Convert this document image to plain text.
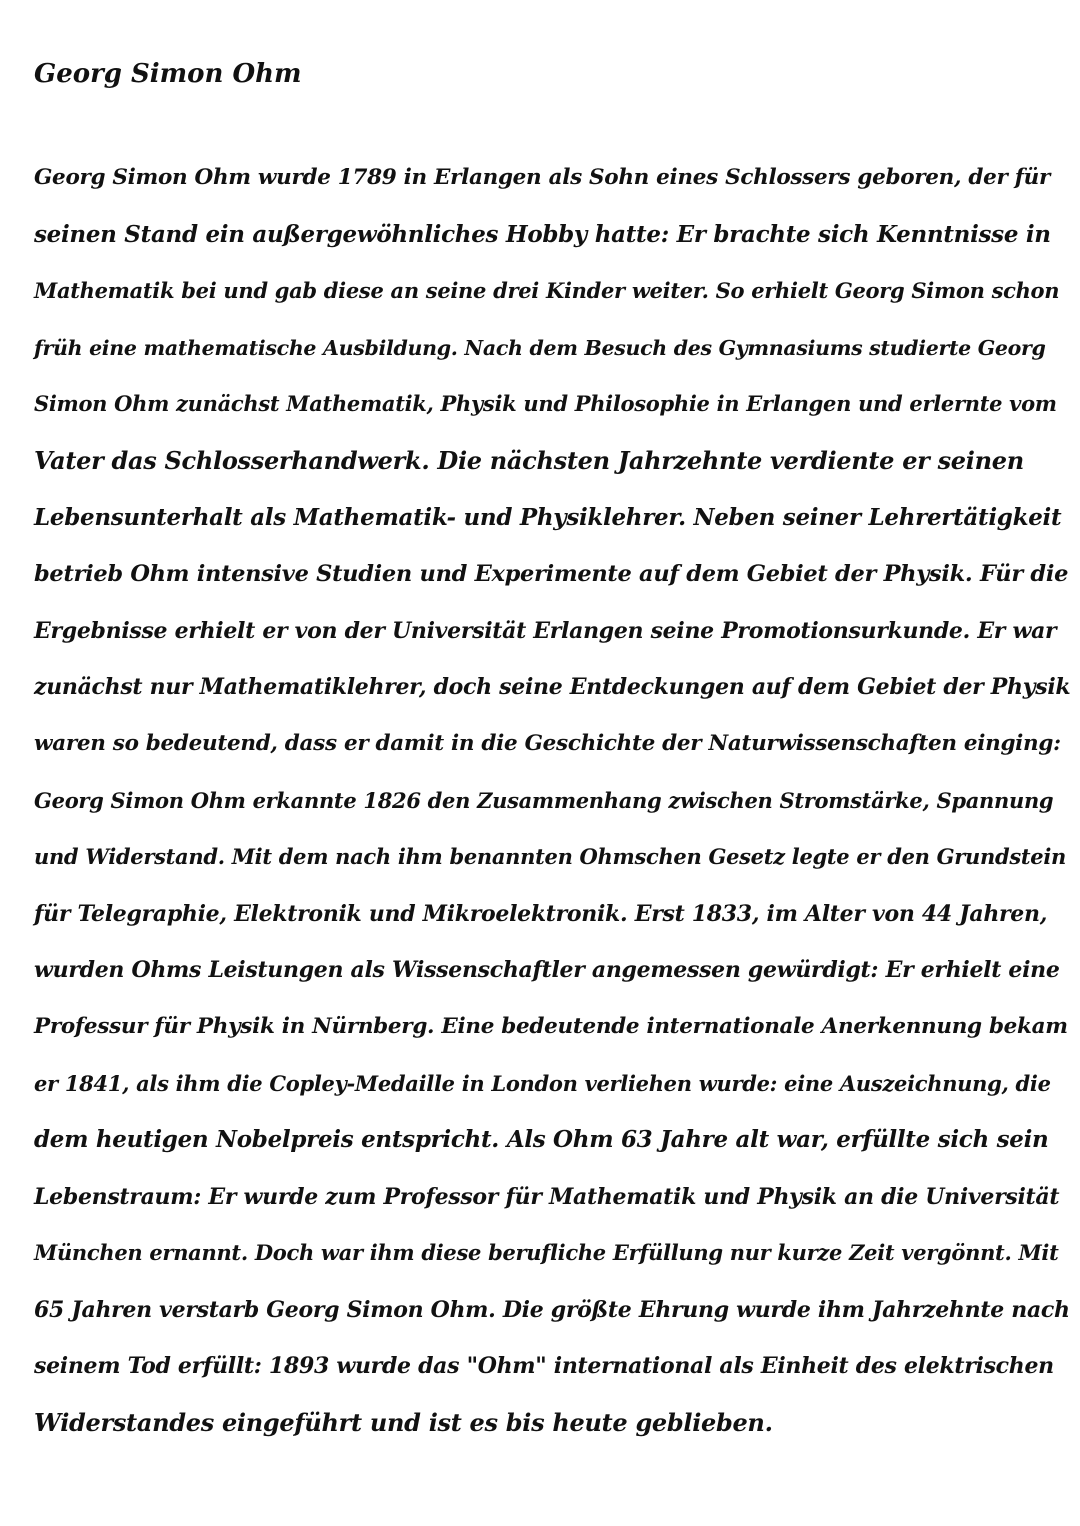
Georg Simon Ohm
Georg Simon Ohm wurde 1789 in Erlangen als Sohn eines Schlossers geboren, der für
seinen Stand ein außergewöhnliches Hobby hatte: Er brachte sich Kenntnisse in
Mathematik bei und gab diese an seine drei Kinder weiter. So erhielt Georg Simon schon
früh eine mathematische Ausbildung. Nach dem Besuch des Gymnasiums studierte Georg
Simon Ohm zunächst Mathematik, Physik und Philosophie in Erlangen und erlernte vom
Vater das Schlosserhandwerk. Die nächsten Jahrzehnte verdiente er seinen
Lebensunterhalt als Mathematik- und Physiklehrer. Neben seiner Lehrertätigkeit
betrieb Ohm intensive Studien und Experimente auf dem Gebiet der Physik. Für die
Ergebnisse erhielt er von der Universität Erlangen seine Promotionsurkunde. Er war
zunächst nur Mathematiklehrer, doch seine Entdeckungen auf dem Gebiet der Physik
waren so bedeutend, dass er damit in die Geschichte der Naturwissenschaften einging:
Georg Simon Ohm erkannte 1826 den Zusammenhang zwischen Stromstärke, Spannung
und Widerstand. Mit dem nach ihm benannten Ohmschen Gesetz legte er den Grundstein
für Telegraphie, Elektronik und Mikroelektronik. Erst 1833, im Alter von 44 Jahren,
wurden Ohms Leistungen als Wissenschaftler angemessen gewürdigt: Er erhielt eine
Professur für Physik in Nürnberg. Eine bedeutende internationale Anerkennung bekam
er 1841, als ihm die Copley-Medaille in London verliehen wurde: eine Auszeichnung, die
dem heutigen Nobelpreis entspricht. Als Ohm 63 Jahre alt war, erfüllte sich sein
Lebenstraum: Er wurde zum Professor für Mathematik und Physik an die Universität
München ernannt. Doch war ihm diese berufliche Erfüllung nur kurze Zeit vergönnt. Mit
65 Jahren verstarb Georg Simon Ohm. Die größte Ehrung wurde ihm Jahrzehnte nach
seinem Tod erfüllt: 1893 wurde das "Ohm" international als Einheit des elektrischen
Widerstandes eingeführt und ist es bis heute geblieben.
